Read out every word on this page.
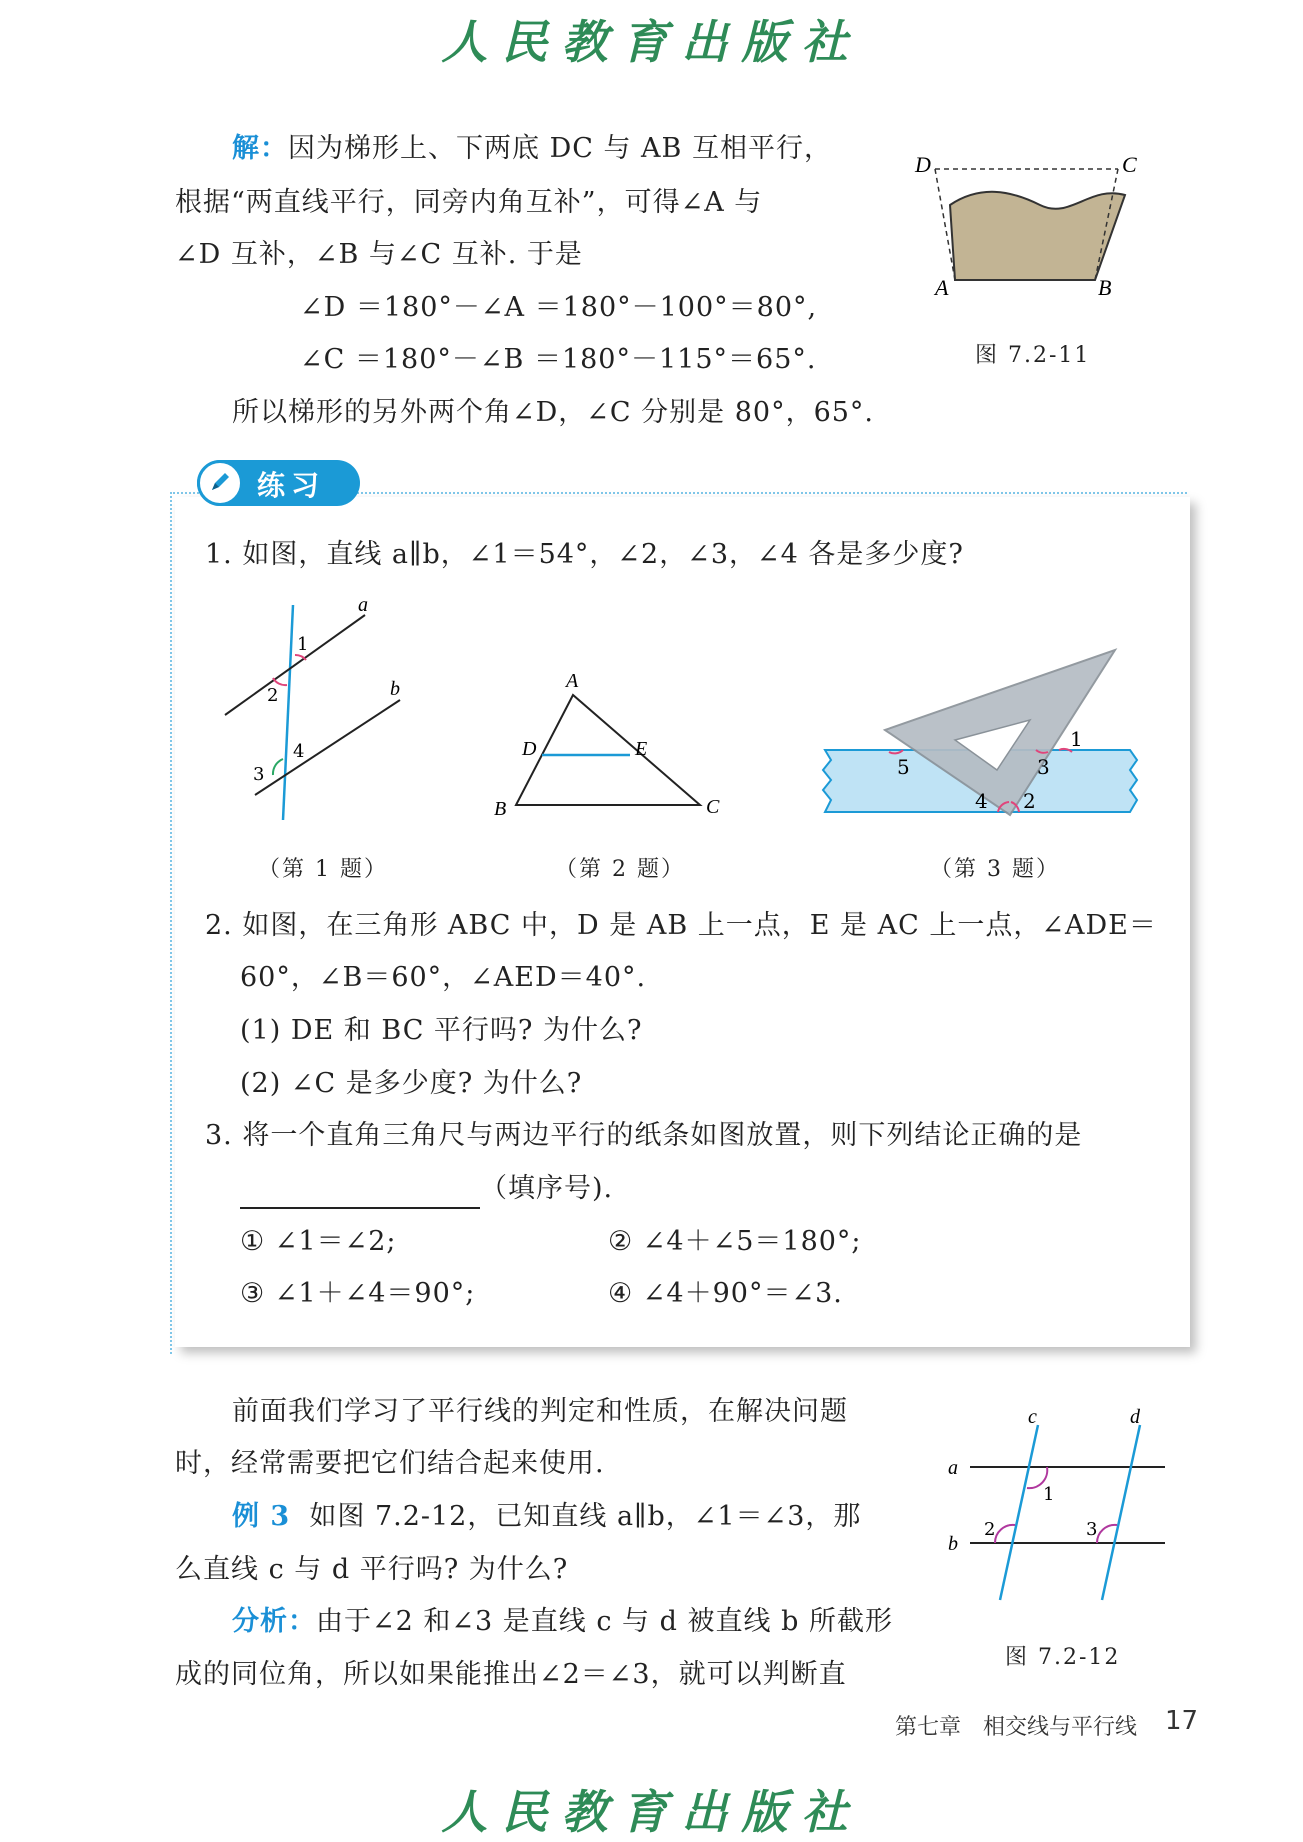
人民教育出版社
解：因为梯形上、下两底 DC 与 AB 互相平行，
根据“两直线平行，同旁内角互补”，可得∠A 与
∠D 互补，∠B 与∠C 互补. 于是
∠D ＝180°－∠A ＝180°－100°＝80°,
∠C ＝180°－∠B ＝180°－115°＝65°.
所以梯形的另外两个角∠D，∠C 分别是 80°，65°.
D	C
A	B
图 7.2-11
练习
1. 如图，直线 a∥b，∠1＝54°，∠2，∠3，∠4 各是多少度?
a
b
1
2
3
4
（第 1 题）
A
B	C
D	E
（第 2 题）
1
2
3
4
5
（第 3 题）
2. 如图，在三角形 ABC 中，D 是 AB 上一点，E 是 AC 上一点，∠ADE＝
60°，∠B＝60°，∠AED＝40°.
(1) DE 和 BC 平行吗? 为什么?
(2) ∠C 是多少度? 为什么?
3. 将一个直角三角尺与两边平行的纸条如图放置，则下列结论正确的是
（填序号).
① ∠1＝∠2;	② ∠4＋∠5＝180°;
③ ∠1＋∠4＝90°;	④ ∠4＋90°＝∠3.
前面我们学习了平行线的判定和性质，在解决问题
时，经常需要把它们结合起来使用.
例 3 如图 7.2-12，已知直线 a∥b，∠1＝∠3，那
么直线 c 与 d 平行吗? 为什么?
分析：由于∠2 和∠3 是直线 c 与 d 被直线 b 所截形
成的同位角，所以如果能推出∠2＝∠3，就可以判断直
a
b
c	d
1
2	3
图 7.2-12
第七章　相交线与平行线 17
人民教育出版社
